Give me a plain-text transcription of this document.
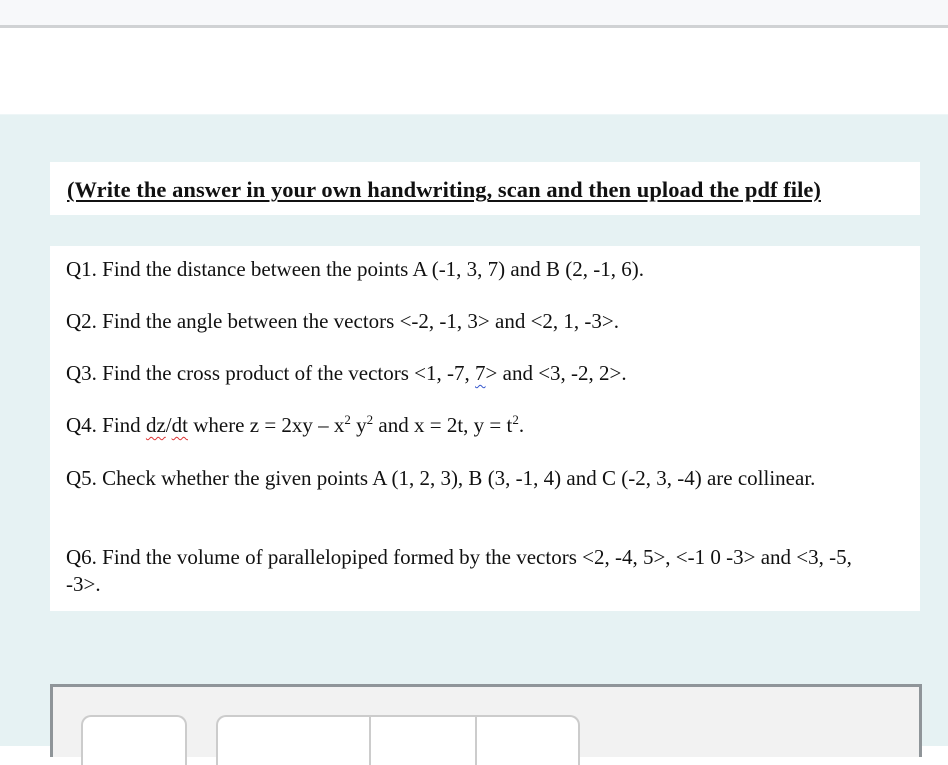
(Write the answer in your own handwriting, scan and then upload the pdf file)
Q1. Find the distance between the points A (-1, 3, 7) and B (2, -1, 6).
Q2. Find the angle between the vectors <-2, -1, 3> and <2, 1, -3>.
Q3. Find the cross product of the vectors <1, -7, 7> and <3, -2, 2>.
Q4. Find dz/dt where $z = 2xy - x^2$ $y^2$ and x = 2t, $y = t^2$.
Q5. Check whether the given points A (1, 2, 3), B (3, -1, 4) and C (-2, 3, -4) are collinear.
Q6. Find the volume of parallelopiped formed by the vectors <2, -4, 5>, <-1 0 -3> and <3, -5, -3>.
